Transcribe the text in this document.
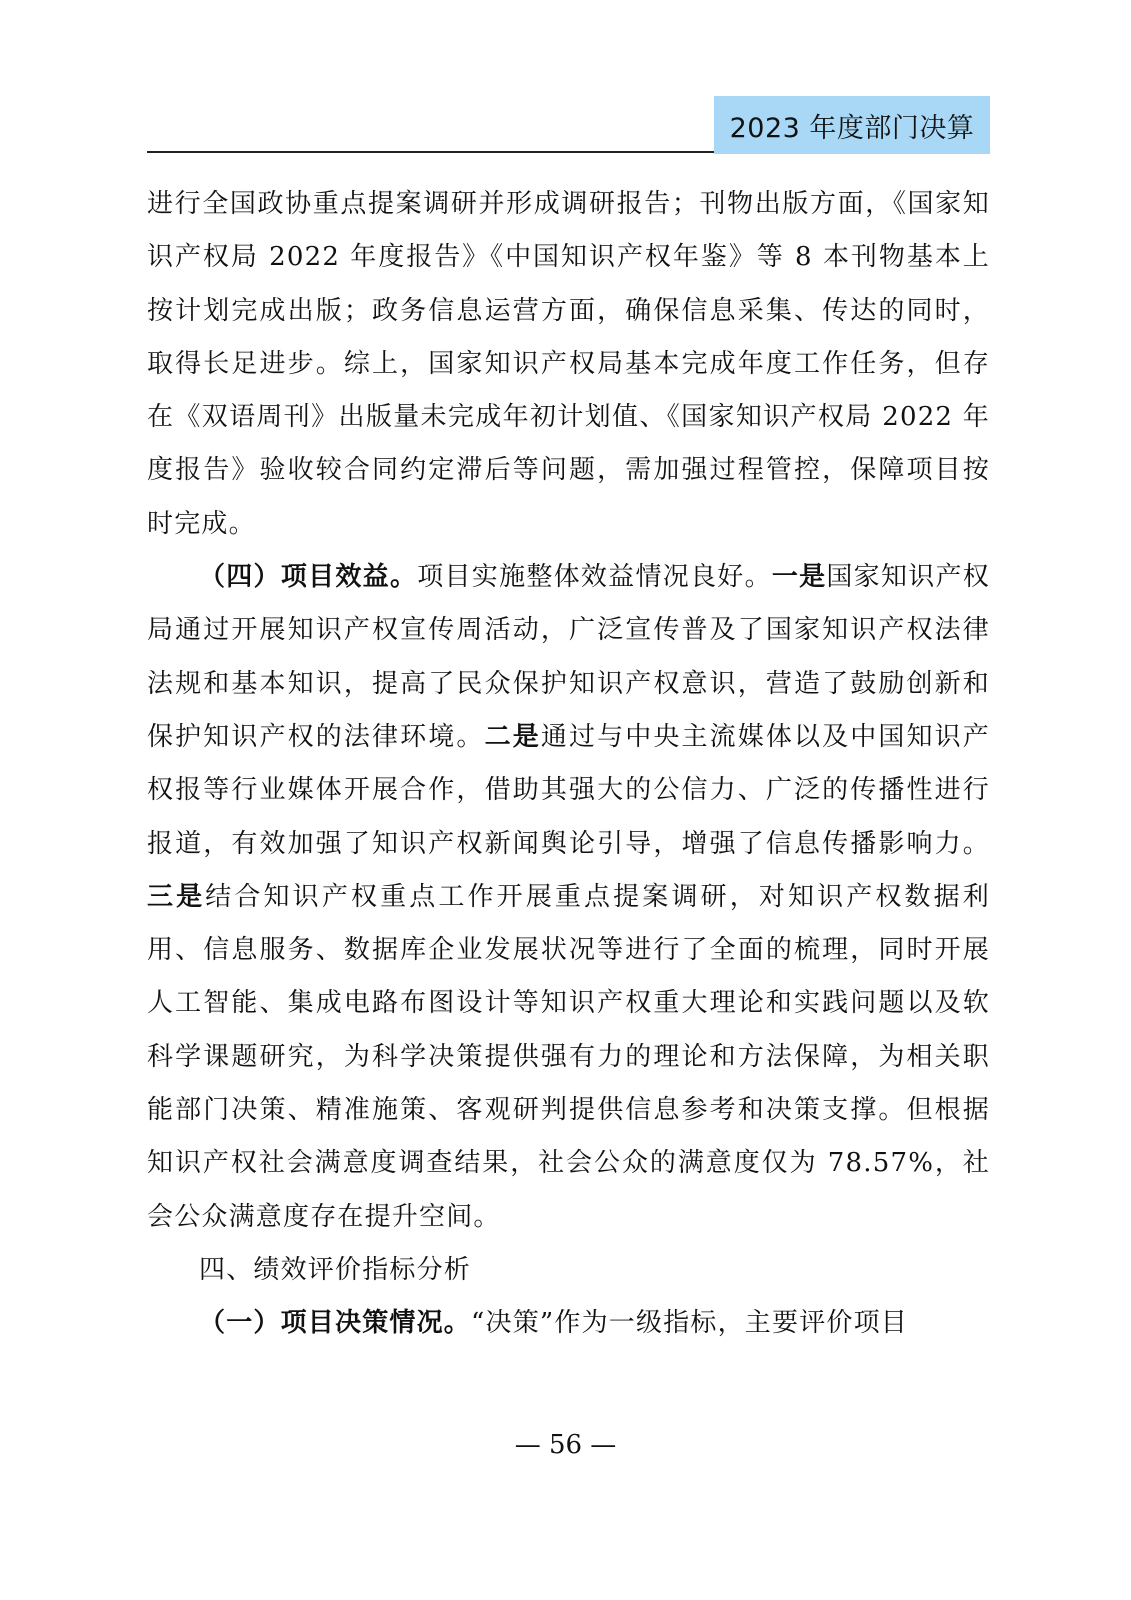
2023 年度部门决算

进行全国政协重点提案调研并形成调研报告；刊物出版方面，《国家知识产权局 2022 年度报告》《中国知识产权年鉴》等 8 本刊物基本上按计划完成出版；政务信息运营方面，确保信息采集、传达的同时，取得长足进步。综上，国家知识产权局基本完成年度工作任务，但存在《双语周刊》出版量未完成年初计划值、《国家知识产权局 2022 年度报告》验收较合同约定滞后等问题，需加强过程管控，保障项目按时完成。

（四）项目效益。项目实施整体效益情况良好。一是国家知识产权局通过开展知识产权宣传周活动，广泛宣传普及了国家知识产权法律法规和基本知识，提高了民众保护知识产权意识，营造了鼓励创新和保护知识产权的法律环境。二是通过与中央主流媒体以及中国知识产权报等行业媒体开展合作，借助其强大的公信力、广泛的传播性进行报道，有效加强了知识产权新闻舆论引导，增强了信息传播影响力。三是结合知识产权重点工作开展重点提案调研，对知识产权数据利用、信息服务、数据库企业发展状况等进行了全面的梳理，同时开展人工智能、集成电路布图设计等知识产权重大理论和实践问题以及软科学课题研究，为科学决策提供强有力的理论和方法保障，为相关职能部门决策、精准施策、客观研判提供信息参考和决策支撑。但根据知识产权社会满意度调查结果，社会公众的满意度仅为 78.57%，社会公众满意度存在提升空间。

四、绩效评价指标分析

（一）项目决策情况。“决策”作为一级指标，主要评价项目

— 56 —
